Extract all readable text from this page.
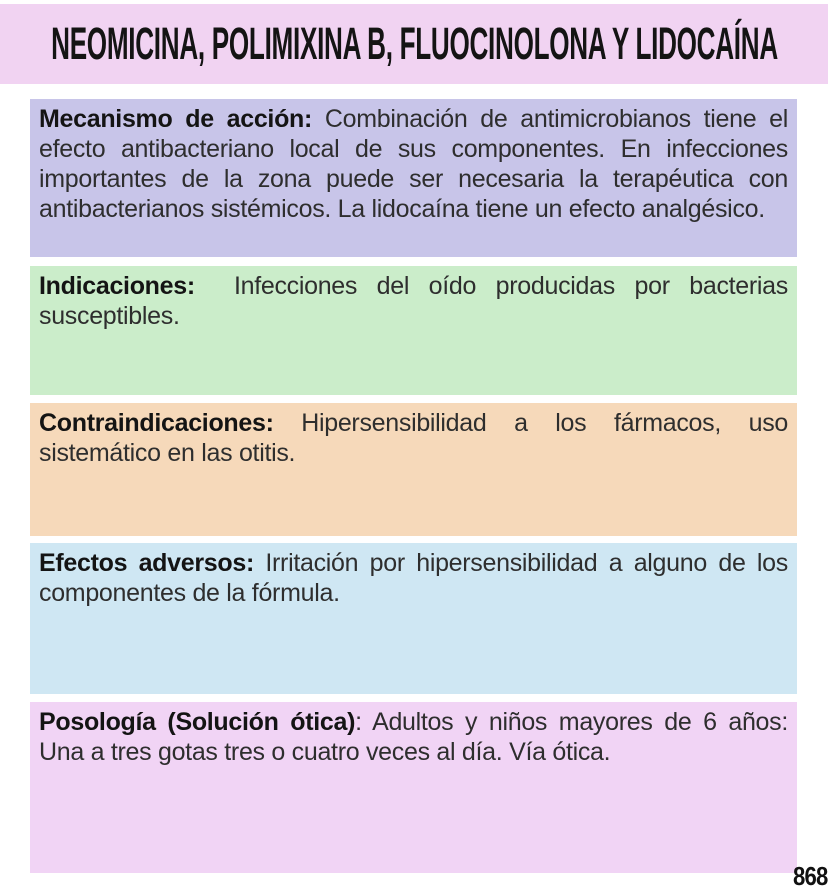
NEOMICINA, POLIMIXINA B, FLUOCINOLONA Y LIDOCAÍNA
Mecanismo de acción: Combinación de antimicrobianos tiene el efecto antibacteriano local de sus componentes. En infecciones importantes de la zona puede ser necesaria la terapéutica con antibacterianos sistémicos. La lidocaína tiene un efecto analgésico.
Indicaciones:  Infecciones del oído producidas por bacterias susceptibles.
Contraindicaciones: Hipersensibilidad a los fármacos, uso sistemático en las otitis.
Efectos adversos: Irritación por hipersensibilidad a alguno de los componentes de la fórmula.
Posología (Solución ótica): Adultos y niños mayores de 6 años: Una a tres gotas tres o cuatro veces al día. Vía ótica.
868
